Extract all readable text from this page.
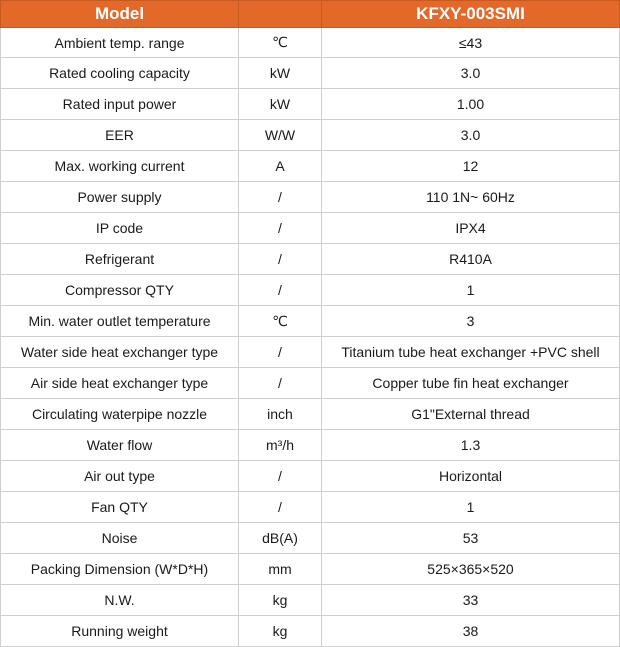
Model		KFXY-003SMI
Ambient temp. range	℃	≤43
Rated cooling capacity	kW	3.0
Rated input power	kW	1.00
EER	W/W	3.0
Max. working current	A	12
Power supply	/	110 1N~ 60Hz
IP code	/	IPX4
Refrigerant	/	R410A
Compressor QTY	/	1
Min. water outlet temperature	℃	3
Water side heat exchanger type	/	Titanium tube heat exchanger +PVC shell
Air side heat exchanger type	/	Copper tube fin heat exchanger
Circulating waterpipe nozzle	inch	G1"External thread
Water flow	m³/h	1.3
Air out type	/	Horizontal
Fan QTY	/	1
Noise	dB(A)	53
Packing Dimension (W*D*H)	mm	525×365×520
N.W.	kg	33
Running weight	kg	38
